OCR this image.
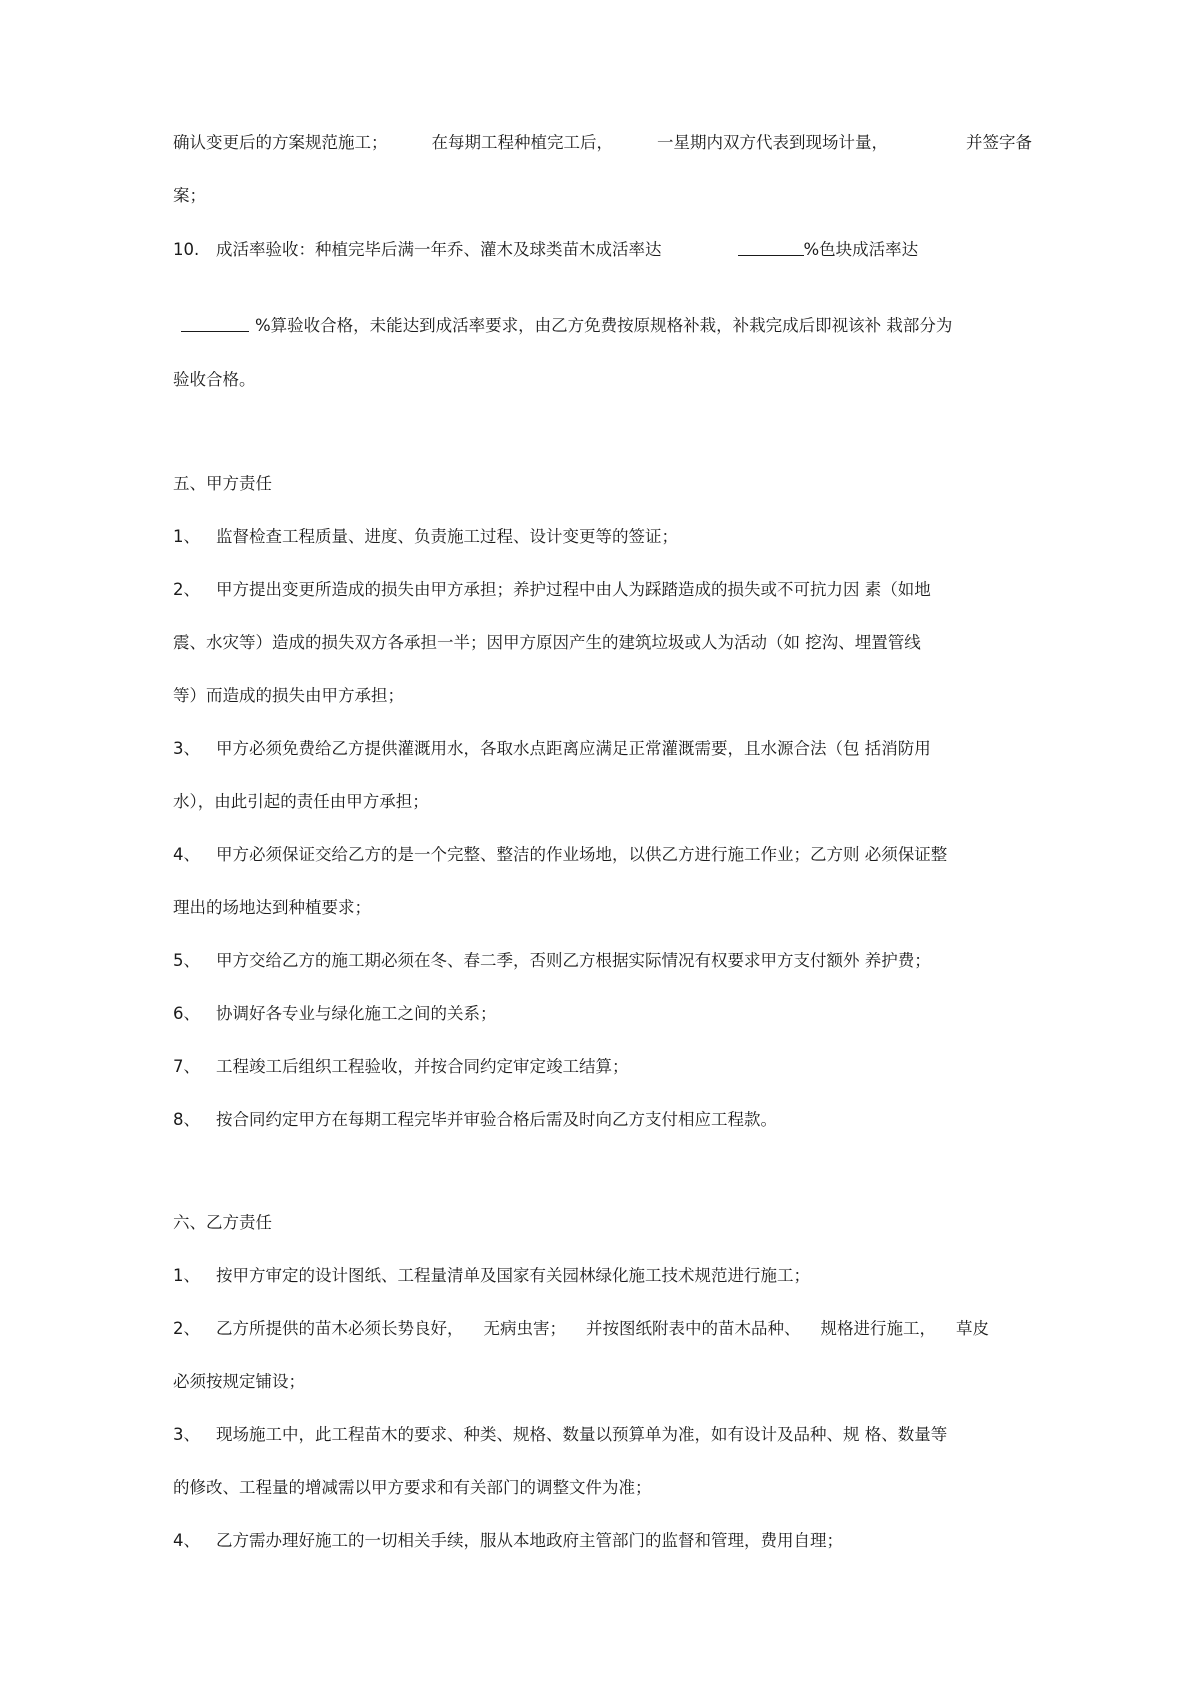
确认变更后的方案规范施工；	在每期工程种植完工后，	一星期内双方代表到现场计量，	并签字备
案；
10. 成活率验收：种植完毕后满一年乔、灌木及球类苗木成活率达	%色块成活率达
%算验收合格，未能达到成活率要求，由乙方免费按原规格补栽，补栽完成后即视该补 栽部分为
验收合格。
五、甲方责任
1、 监督检查工程质量、进度、负责施工过程、设计变更等的签证；
2、 甲方提出变更所造成的损失由甲方承担；养护过程中由人为踩踏造成的损失或不可抗力因 素（如地
震、水灾等）造成的损失双方各承担一半；因甲方原因产生的建筑垃圾或人为活动（如 挖沟、埋置管线
等）而造成的损失由甲方承担；
3、 甲方必须免费给乙方提供灌溉用水，各取水点距离应满足正常灌溉需要，且水源合法（包 括消防用
水），由此引起的责任由甲方承担；
4、 甲方必须保证交给乙方的是一个完整、整洁的作业场地，以供乙方进行施工作业；乙方则 必须保证整
理出的场地达到种植要求；
5、 甲方交给乙方的施工期必须在冬、春二季，否则乙方根据实际情况有权要求甲方支付额外 养护费；
6、 协调好各专业与绿化施工之间的关系；
7、 工程竣工后组织工程验收，并按合同约定审定竣工结算；
8、 按合同约定甲方在每期工程完毕并审验合格后需及时向乙方支付相应工程款。
六、乙方责任
1、 按甲方审定的设计图纸、工程量清单及国家有关园林绿化施工技术规范进行施工；
2、 乙方所提供的苗木必须长势良好， 无病虫害； 并按图纸附表中的苗木品种、 规格进行施工， 草皮
必须按规定铺设；
3、 现场施工中，此工程苗木的要求、种类、规格、数量以预算单为准，如有设计及品种、规 格、数量等
的修改、工程量的增减需以甲方要求和有关部门的调整文件为准；
4、 乙方需办理好施工的一切相关手续，服从本地政府主管部门的监督和管理，费用自理；
